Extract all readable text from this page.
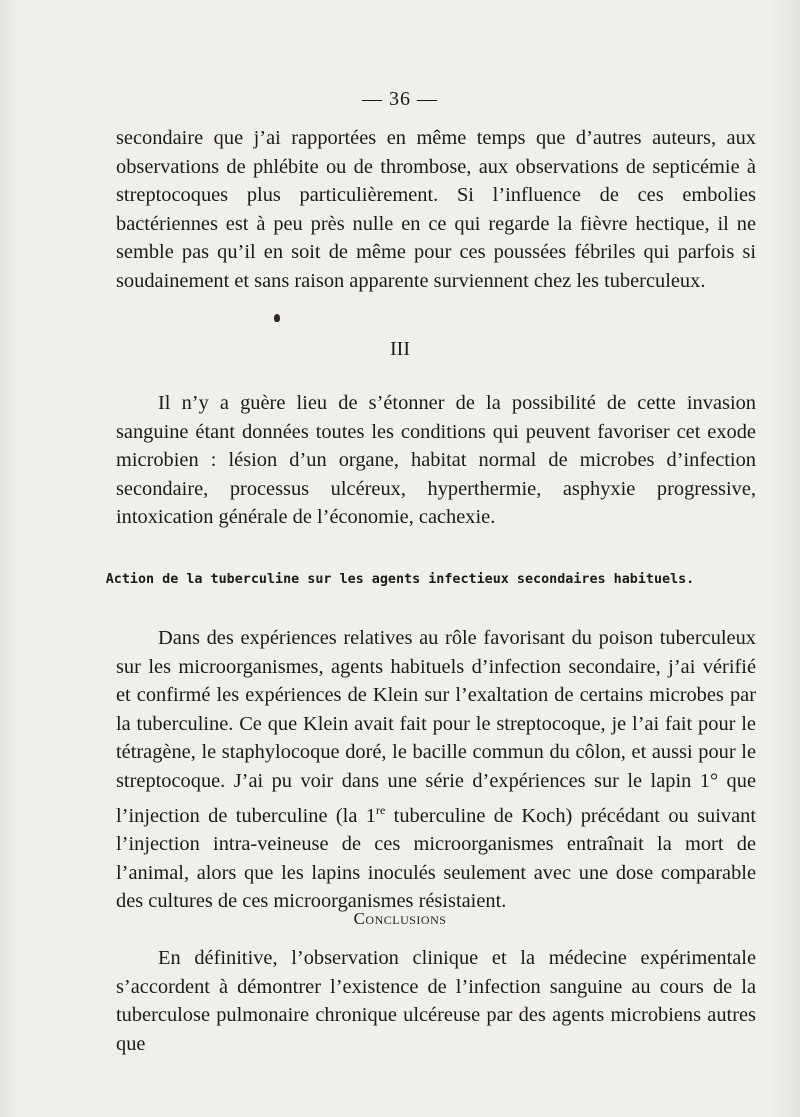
— 36 —

secondaire que j’ai rapportées en même temps que d’autres auteurs, aux observations de phlébite ou de thrombose, aux observations de septicémie à streptocoques plus particulièrement. Si l’influence de ces embolies bactériennes est à peu près nulle en ce qui regarde la fièvre hectique, il ne semble pas qu’il en soit de même pour ces poussées fébriles qui parfois si soudainement et sans raison apparente surviennent chez les tuberculeux.

III

Il n’y a guère lieu de s’étonner de la possibilité de cette invasion sanguine étant données toutes les conditions qui peuvent favoriser cet exode microbien : lésion d’un organe, habitat normal de microbes d’infection secondaire, processus ulcéreux, hyperthermie, asphyxie progressive, intoxication générale de l’économie, cachexie.

Action de la tuberculine sur les agents infectieux secondaires habituels.

Dans des expériences relatives au rôle favorisant du poison tuberculeux sur les microorganismes, agents habituels d’infection secondaire, j’ai vérifié et confirmé les expériences de Klein sur l’exaltation de certains microbes par la tuberculine. Ce que Klein avait fait pour le streptocoque, je l’ai fait pour le tétragène, le staphylocoque doré, le bacille commun du côlon, et aussi pour le streptocoque. J’ai pu voir dans une série d’expériences sur le lapin 1° que l’injection de tuberculine (la 1re tuberculine de Koch) précédant ou suivant l’injection intra-veineuse de ces microorganismes entraînait la mort de l’animal, alors que les lapins inoculés seulement avec une dose comparable des cultures de ces microorganismes résistaient.

Conclusions

En définitive, l’observation clinique et la médecine expérimentale s’accordent à démontrer l’existence de l’infection sanguine au cours de la tuberculose pulmonaire chronique ulcéreuse par des agents microbiens autres que
